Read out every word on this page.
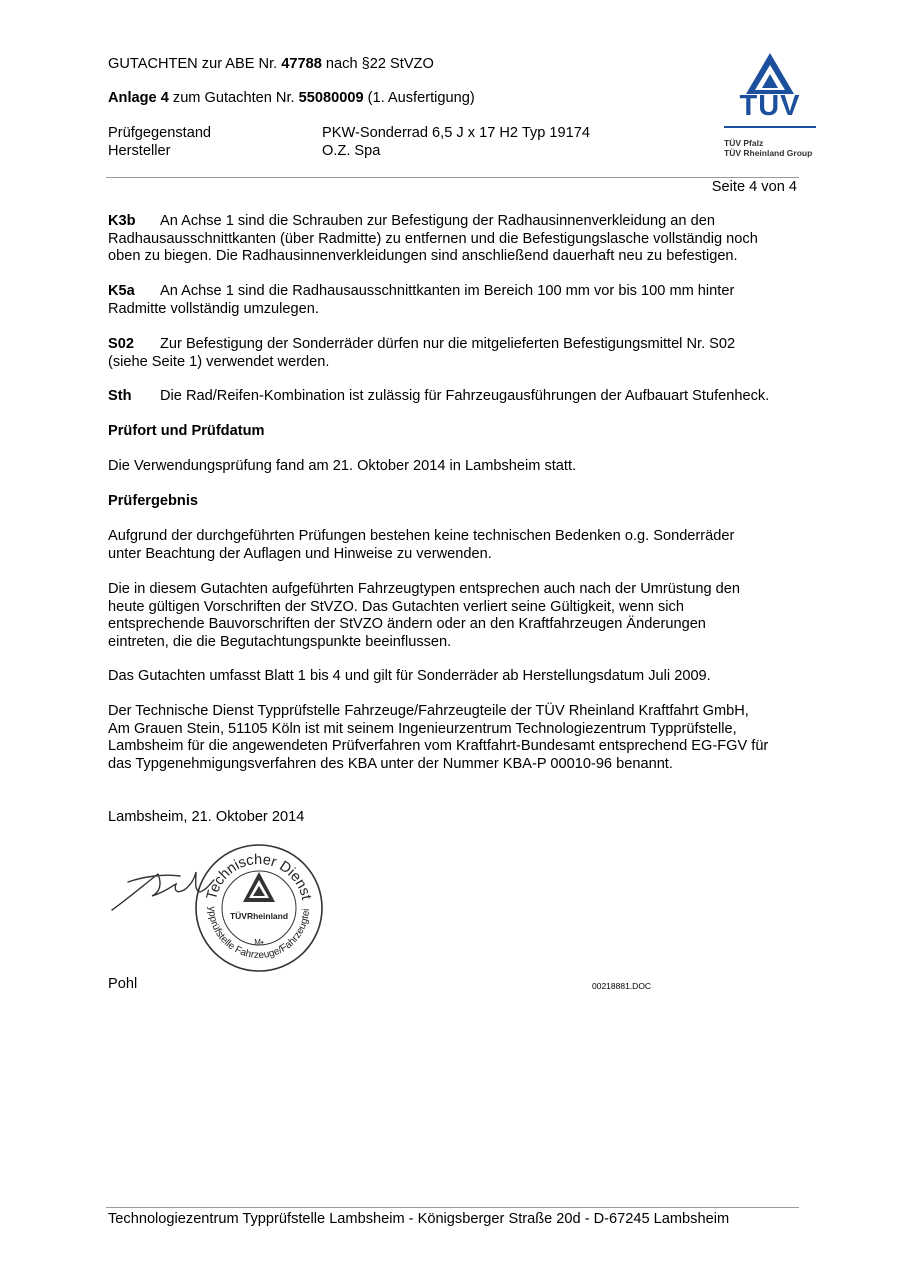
GUTACHTEN zur ABE Nr. 47788 nach §22 StVZO
Anlage 4 zum Gutachten Nr. 55080009 (1. Ausfertigung)
Prüfgegenstand	PKW-Sonderrad 6,5 J x 17 H2 Typ 19174
Hersteller	O.Z. Spa
TÜV
TÜV Pfalz
TÜV Rheinland Group
Seite 4 von 4
K3b An Achse 1 sind die Schrauben zur Befestigung der Radhausinnenverkleidung an den
Radhausausschnittkanten (über Radmitte) zu entfernen und die Befestigungslasche vollständig noch
oben zu biegen. Die Radhausinnenverkleidungen sind anschließend dauerhaft neu zu befestigen.
K5a An Achse 1 sind die Radhausausschnittkanten im Bereich 100 mm vor bis 100 mm hinter
Radmitte vollständig umzulegen.
S02 Zur Befestigung der Sonderräder dürfen nur die mitgelieferten Befestigungsmittel Nr. S02
(siehe Seite 1) verwendet werden.
Sth Die Rad/Reifen-Kombination ist zulässig für Fahrzeugausführungen der Aufbauart Stufenheck.
Prüfort und Prüfdatum
Die Verwendungsprüfung fand am 21. Oktober 2014 in Lambsheim statt.
Prüfergebnis
Aufgrund der durchgeführten Prüfungen bestehen keine technischen Bedenken o.g. Sonderräder
unter Beachtung der Auflagen und Hinweise zu verwenden.
Die in diesem Gutachten aufgeführten Fahrzeugtypen entsprechen auch nach der Umrüstung den
heute gültigen Vorschriften der StVZO. Das Gutachten verliert seine Gültigkeit, wenn sich
entsprechende Bauvorschriften der StVZO ändern oder an den Kraftfahrzeugen Änderungen
eintreten, die die Begutachtungspunkte beeinflussen.
Das Gutachten umfasst Blatt 1 bis 4 und gilt für Sonderräder ab Herstellungsdatum Juli 2009.
Der Technische Dienst Typprüfstelle Fahrzeuge/Fahrzeugteile der TÜV Rheinland Kraftfahrt GmbH,
Am Grauen Stein, 51105 Köln ist mit seinem Ingenieurzentrum Technologiezentrum Typprüfstelle,
Lambsheim für die angewendeten Prüfverfahren vom Kraftfahrt-Bundesamt entsprechend EG-FGV für
das Typgenehmigungsverfahren des KBA unter der Nummer KBA-P 00010-96 benannt.
Lambsheim, 21. Oktober 2014
Technischer Dienst
ypprüfstelle Fahrzeuge/Fahrzeugtei
TÜVRheinland
M•
Pohl	00218881.DOC
Technologiezentrum Typprüfstelle Lambsheim - Königsberger Straße 20d - D-67245 Lambsheim
